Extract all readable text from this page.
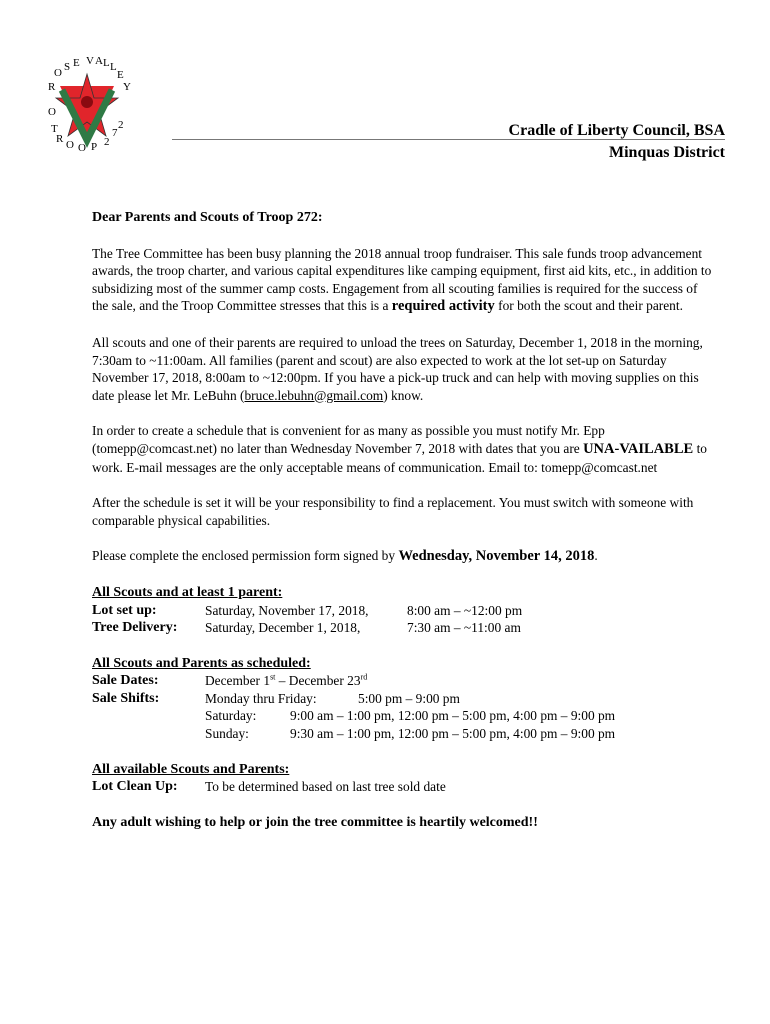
O S E V A L L
E
Y
R
O
T
R O O P 2
7
2	Cradle of Liberty Council, BSA
Minquas District

Dear Parents and Scouts of Troop 272:

The Tree Committee has been busy planning the 2018 annual troop fundraiser. This sale funds troop advancement awards, the troop charter, and various capital expenditures like camping equipment, first aid kits, etc., in addition to subsidizing most of the summer camp costs. Engagement from all scouting families is required for the success of the sale, and the Troop Committee stresses that this is a required activity for both the scout and their parent.

All scouts and one of their parents are required to unload the trees on Saturday, December 1, 2018 in the morning, 7:30am to ~11:00am. All families (parent and scout) are also expected to work at the lot set-up on Saturday November 17, 2018, 8:00am to ~12:00pm. If you have a pick-up truck and can help with moving supplies on this date please let Mr. LeBuhn (bruce.lebuhn@gmail.com) know.

In order to create a schedule that is convenient for as many as possible you must notify Mr. Epp (tomepp@comcast.net) no later than Wednesday November 7, 2018 with dates that you are UNA-VAILABLE to work. E-mail messages are the only acceptable means of communication. Email to: tomepp@comcast.net

After the schedule is set it will be your responsibility to find a replacement. You must switch with someone with comparable physical capabilities.

Please complete the enclosed permission form signed by Wednesday, November 14, 2018.

All Scouts and at least 1 parent:

Lot set up:	Saturday, November 17, 2018,	8:00 am – ~12:00 pm
Tree Delivery:	Saturday, December 1, 2018,	7:30 am – ~11:00 am

All Scouts and Parents as scheduled:

Sale Dates:	December 1st – December 23rd
Sale Shifts:	Monday thru Friday:	5:00 pm – 9:00 pm
Saturday:	9:00 am – 1:00 pm, 12:00 pm – 5:00 pm, 4:00 pm – 9:00 pm
Sunday:	9:30 am – 1:00 pm, 12:00 pm – 5:00 pm, 4:00 pm – 9:00 pm

All available Scouts and Parents:

Lot Clean Up:	To be determined based on last tree sold date

Any adult wishing to help or join the tree committee is heartily welcomed!!
